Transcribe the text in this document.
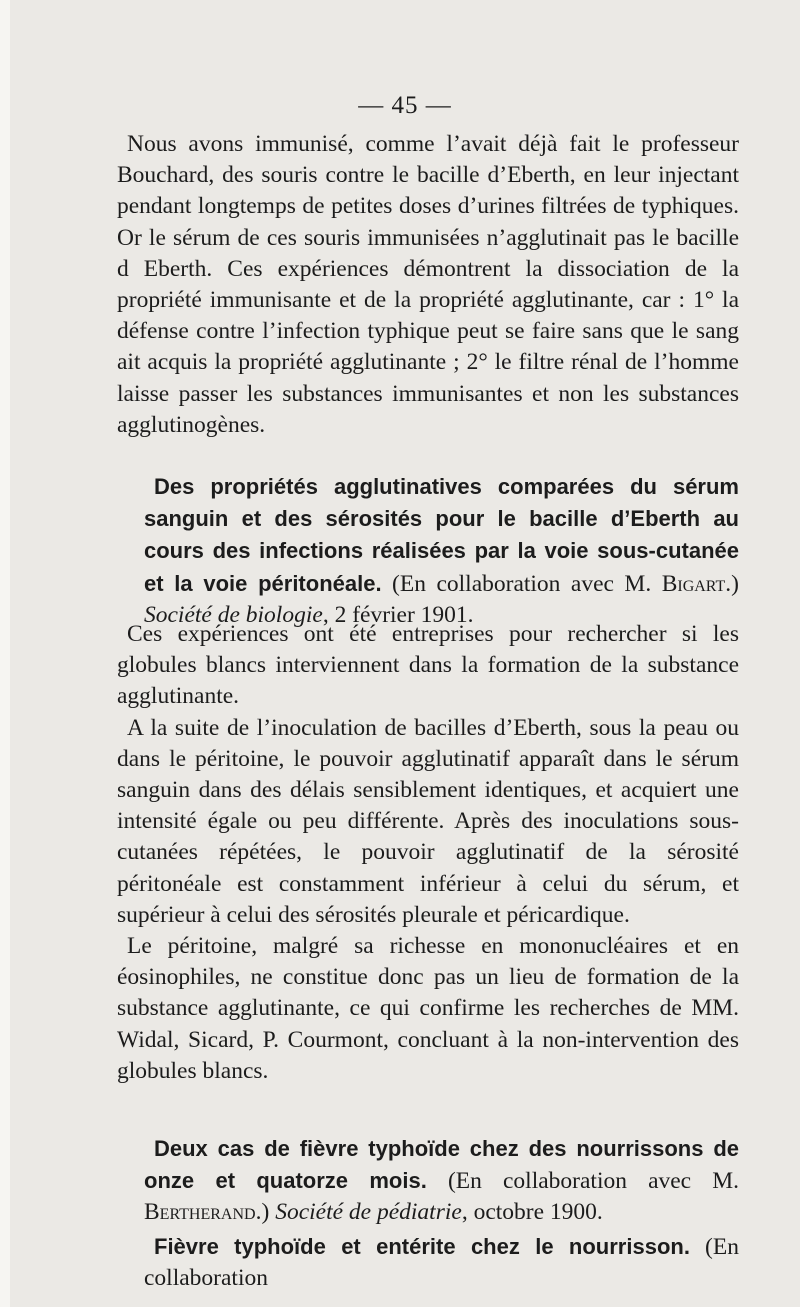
— 45 —

Nous avons immunisé, comme l’avait déjà fait le professeur Bouchard, des souris contre le bacille d’Eberth, en leur injectant pendant longtemps de petites doses d’urines filtrées de typhiques. Or le sérum de ces souris immunisées n’agglutinait pas le bacille d Eberth. Ces expériences démontrent la dissociation de la propriété immunisante et de la propriété agglutinante, car : 1° la défense contre l’infection typhique peut se faire sans que le sang ait acquis la propriété agglutinante ; 2° le filtre rénal de l’homme laisse passer les substances immunisantes et non les substances agglutinogènes.

Des propriétés agglutinatives comparées du sérum sanguin et des sérosités pour le bacille d’Eberth au cours des infections réalisées par la voie sous-cutanée et la voie péritonéale. (En collaboration avec M. Bigart.) Société de biologie, 2 février 1901.

Ces expériences ont été entreprises pour rechercher si les globules blancs interviennent dans la formation de la substance agglutinante.

A la suite de l’inoculation de bacilles d’Eberth, sous la peau ou dans le péritoine, le pouvoir agglutinatif apparaît dans le sérum sanguin dans des délais sensiblement identiques, et acquiert une intensité égale ou peu différente. Après des inoculations sous-cutanées répétées, le pouvoir agglutinatif de la sérosité péritonéale est constamment inférieur à celui du sérum, et supérieur à celui des sérosités pleurale et péricardique.

Le péritoine, malgré sa richesse en mononucléaires et en éosinophiles, ne constitue donc pas un lieu de formation de la substance agglutinante, ce qui confirme les recherches de MM. Widal, Sicard, P. Courmont, concluant à la non-intervention des globules blancs.

Deux cas de fièvre typhoïde chez des nourrissons de onze et quatorze mois. (En collaboration avec M. Bertherand.) Société de pédiatrie, octobre 1900.

Fièvre typhoïde et entérite chez le nourrisson. (En collaboration
